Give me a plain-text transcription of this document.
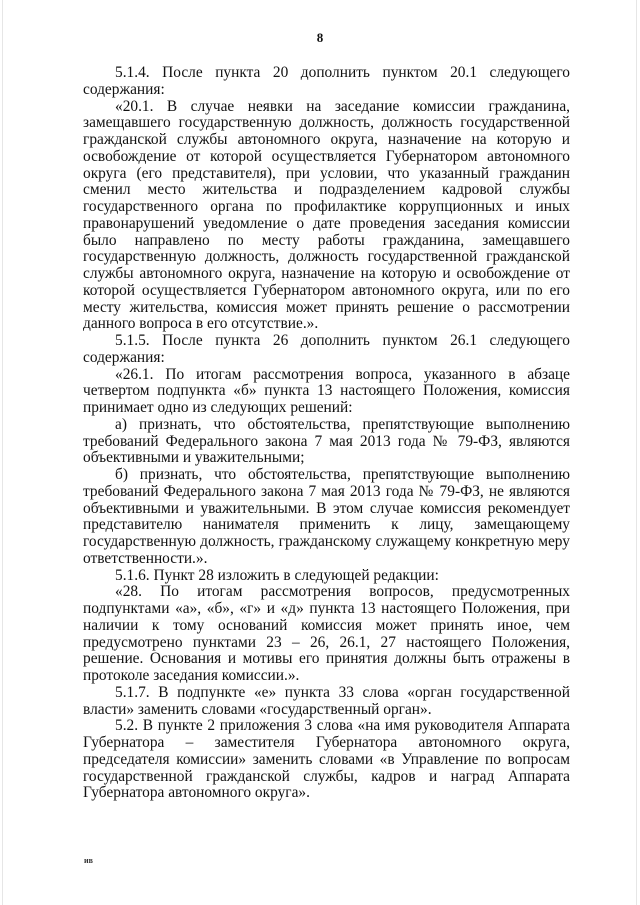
8

5.1.4. После пункта 20 дополнить пунктом 20.1 следующего содержания:

«20.1. В случае неявки на заседание комиссии гражданина, замещавшего государственную должность, должность государственной гражданской службы автономного округа, назначение на которую и освобождение от которой осуществляется Губернатором автономного округа (его представителя), при условии, что указанный гражданин сменил место жительства и подразделением кадровой службы государственного органа по профилактике коррупционных и иных правонарушений уведомление о дате проведения заседания комиссии было направлено по месту работы гражданина, замещавшего государственную должность, должность государственной гражданской службы автономного округа, назначение на которую и освобождение от которой осуществляется Губернатором автономного округа, или по его месту жительства, комиссия может принять решение о рассмотрении данного вопроса в его отсутствие.».

5.1.5. После пункта 26 дополнить пунктом 26.1 следующего содержания:

«26.1. По итогам рассмотрения вопроса, указанного в абзаце четвертом подпункта «б» пункта 13 настоящего Положения, комиссия принимает одно из следующих решений:

а) признать, что обстоятельства, препятствующие выполнению требований Федерального закона 7 мая 2013 года № 79-ФЗ, являются объективными и уважительными;

б) признать, что обстоятельства, препятствующие выполнению требований Федерального закона 7 мая 2013 года № 79-ФЗ, не являются объективными и уважительными. В этом случае комиссия рекомендует представителю нанимателя применить к лицу, замещающему государственную должность, гражданскому служащему конкретную меру ответственности.».

5.1.6. Пункт 28 изложить в следующей редакции:

«28. По итогам рассмотрения вопросов, предусмотренных подпунктами «а», «б», «г» и «д» пункта 13 настоящего Положения, при наличии к тому оснований комиссия может принять иное, чем предусмотрено пунктами 23 – 26, 26.1, 27 настоящего Положения, решение. Основания и мотивы его принятия должны быть отражены в протоколе заседания комиссии.».

5.1.7. В подпункте «е» пункта 33 слова «орган государственной власти» заменить словами «государственный орган».

5.2. В пункте 2 приложения 3 слова «на имя руководителя Аппарата Губернатора – заместителя Губернатора автономного округа, председателя комиссии» заменить словами «в Управление по вопросам государственной гражданской службы, кадров и наград Аппарата Губернатора автономного округа».

ив
